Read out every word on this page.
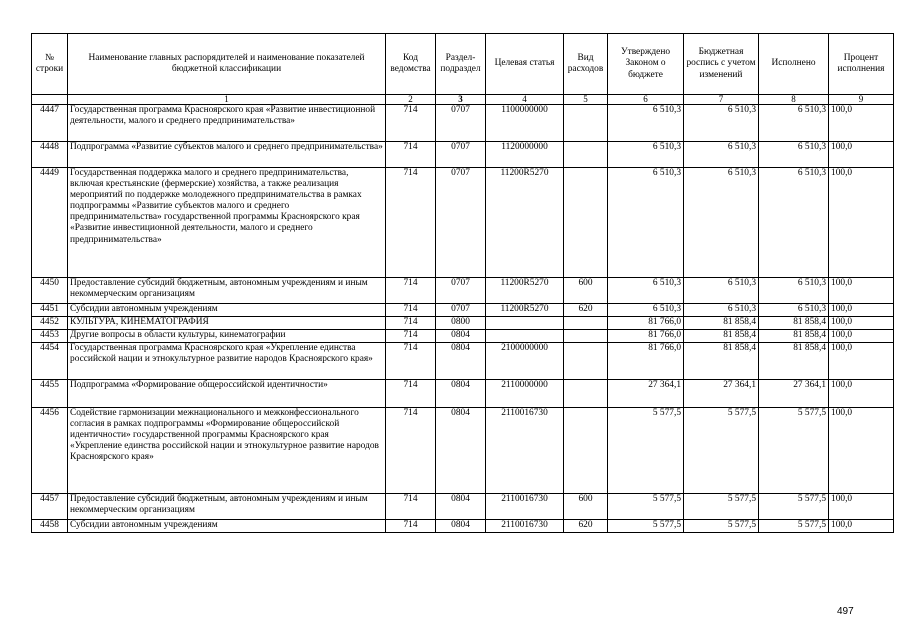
№ строки	Наименование главных распорядителей и наименование показателей бюджетной классификации	Код ведомства	Раздел-подраздел	Целевая статья	Вид расходов	Утверждено Законом о бюджете	Бюджетная роспись с учетом изменений	Исполнено	Процент исполнения
	1	2	3	4	5	6	7	8	9
4447	Государственная программа Красноярского края «Развитие инвестиционной деятельности, малого и среднего предпринимательства»	714	0707	1100000000		6 510,3	6 510,3	6 510,3	100,0
4448	Подпрограмма «Развитие субъектов малого и среднего предпринимательства»	714	0707	1120000000		6 510,3	6 510,3	6 510,3	100,0
4449	Государственная поддержка малого и среднего предпринимательства, включая крестьянские (фермерские) хозяйства, а также реализация мероприятий по поддержке молодежного предпринимательства в рамках подпрограммы «Развитие субъектов малого и среднего предпринимательства» государственной программы Красноярского края «Развитие инвестиционной деятельности, малого и среднего предпринимательства»	714	0707	11200R5270		6 510,3	6 510,3	6 510,3	100,0
4450	Предоставление субсидий бюджетным, автономным учреждениям и иным некоммерческим организациям	714	0707	11200R5270	600	6 510,3	6 510,3	6 510,3	100,0
4451	Субсидии автономным учреждениям	714	0707	11200R5270	620	6 510,3	6 510,3	6 510,3	100,0
4452	КУЛЬТУРА, КИНЕМАТОГРАФИЯ	714	0800			81 766,0	81 858,4	81 858,4	100,0
4453	Другие вопросы в области культуры, кинематографии	714	0804			81 766,0	81 858,4	81 858,4	100,0
4454	Государственная программа Красноярского края «Укрепление единства российской нации и этнокультурное развитие народов Красноярского края»	714	0804	2100000000		81 766,0	81 858,4	81 858,4	100,0
4455	Подпрограмма «Формирование общероссийской идентичности»	714	0804	2110000000		27 364,1	27 364,1	27 364,1	100,0
4456	Содействие гармонизации межнационального и межконфессионального согласия в рамках подпрограммы «Формирование общероссийской идентичности» государственной программы Красноярского края «Укрепление единства российской нации и этнокультурное развитие народов Красноярского края»	714	0804	2110016730		5 577,5	5 577,5	5 577,5	100,0
4457	Предоставление субсидий бюджетным, автономным учреждениям и иным некоммерческим организациям	714	0804	2110016730	600	5 577,5	5 577,5	5 577,5	100,0
4458	Субсидии автономным учреждениям	714	0804	2110016730	620	5 577,5	5 577,5	5 577,5	100,0
497
